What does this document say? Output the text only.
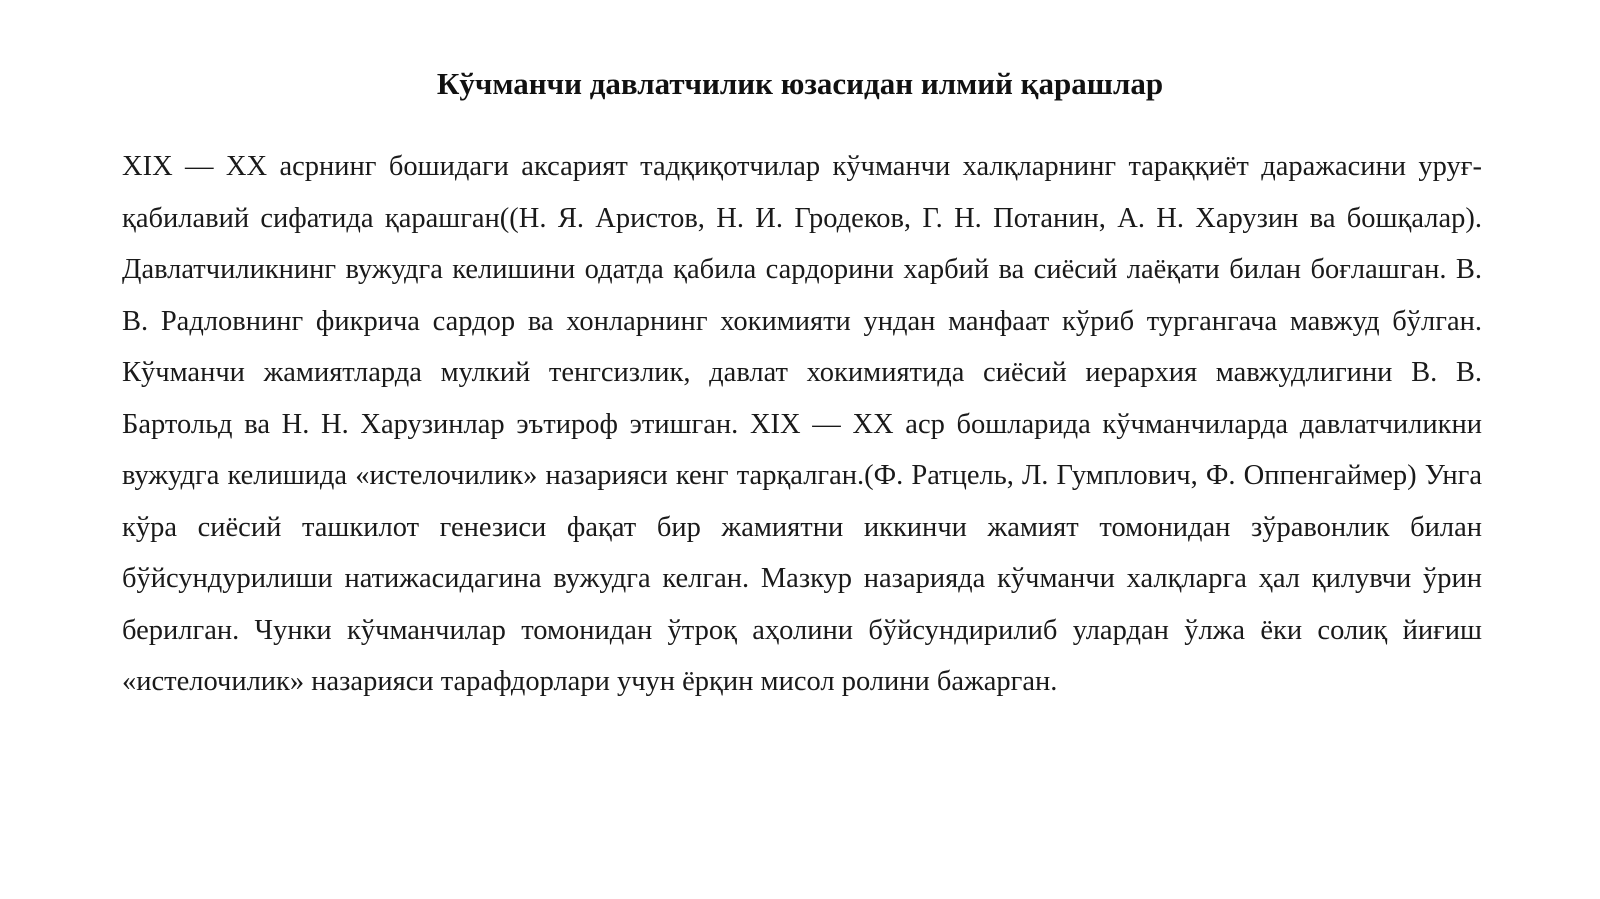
Кўчманчи давлатчилик юзасидан илмий қарашлар

XIX — XX асрнинг бошидаги аксарият тадқиқотчилар кўчманчи халқларнинг тараққиёт даражасини уруғ-қабилавий сифатида қарашган((Н. Я. Аристов, Н. И. Гродеков, Г. Н. Потанин, А. Н. Харузин ва бошқалар). Давлатчиликнинг вужудга келишини одатда қабила сардорини харбий ва сиёсий лаёқати билан боғлашган. В. В. Радловнинг фикрича сардор ва хонларнинг хокимияти ундан манфаат кўриб тургангача мавжуд бўлган. Кўчманчи жамиятларда мулкий тенгсизлик, давлат хокимиятида сиёсий иерархия мавжудлигини В. В. Бартольд ва Н. Н. Харузинлар эътироф этишган. XIX — XX аср бошларида кўчманчиларда давлатчиликни вужудга келишида «истелочилик» назарияси кенг тарқалган.(Ф. Ратцель, Л. Гумплович, Ф. Оппенгаймер) Унга кўра сиёсий ташкилот генезиси фақат бир жамиятни иккинчи жамият томонидан зўравонлик билан бўйсундурилиши натижасидагина вужудга келган. Мазкур назарияда кўчманчи халқларга ҳал қилувчи ўрин берилган. Чунки кўчманчилар томонидан ўтроқ аҳолини бўйсундирилиб улардан ўлжа ёки солиқ йиғиш «истелочилик» назарияси тарафдорлари учун ёрқин мисол ролини бажарган.
